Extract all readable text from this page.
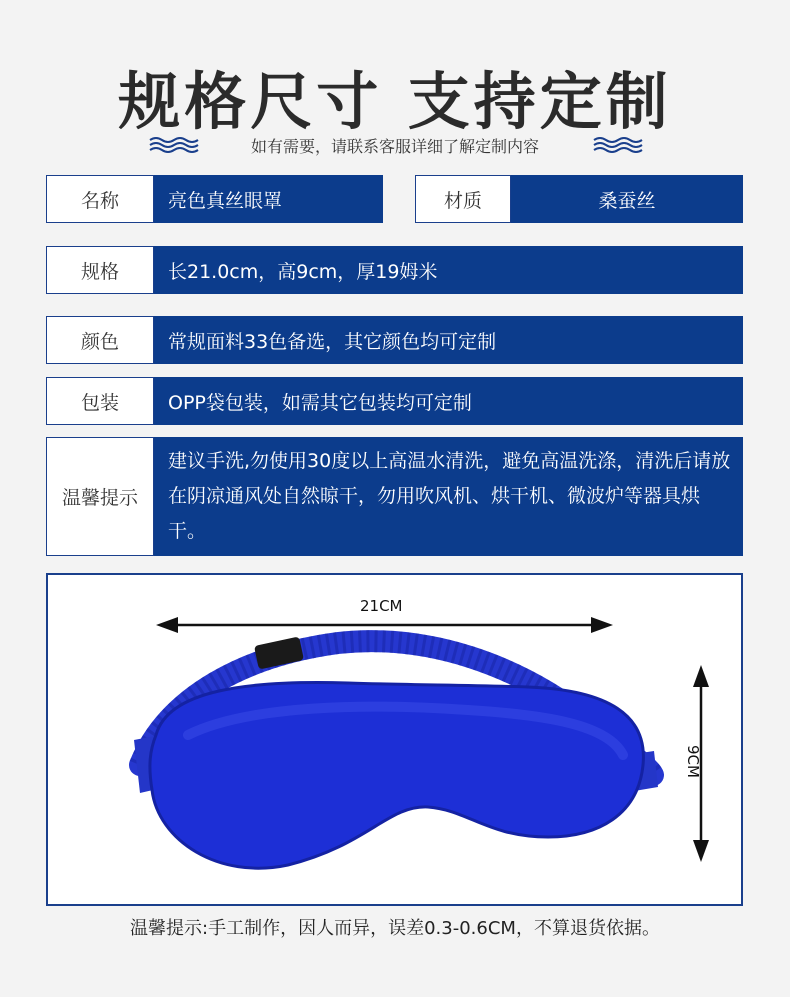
规格尺寸 支持定制
如有需要，请联系客服详细了解定制内容
名称	亮色真丝眼罩	材质	桑蚕丝
规格	长21.0cm，高9cm，厚19姆米
颜色	常规面料33色备选，其它颜色均可定制
包装	OPP袋包装，如需其它包装均可定制
温馨提示
建议手洗,勿使用30度以上高温水清洗，避免高温洗涤，清洗后请放在阴凉通风处自然晾干，勿用吹风机、烘干机、微波炉等器具烘干。
21CM
9CM
温馨提示:手工制作，因人而异，误差0.3-0.6CM，不算退货依据。
